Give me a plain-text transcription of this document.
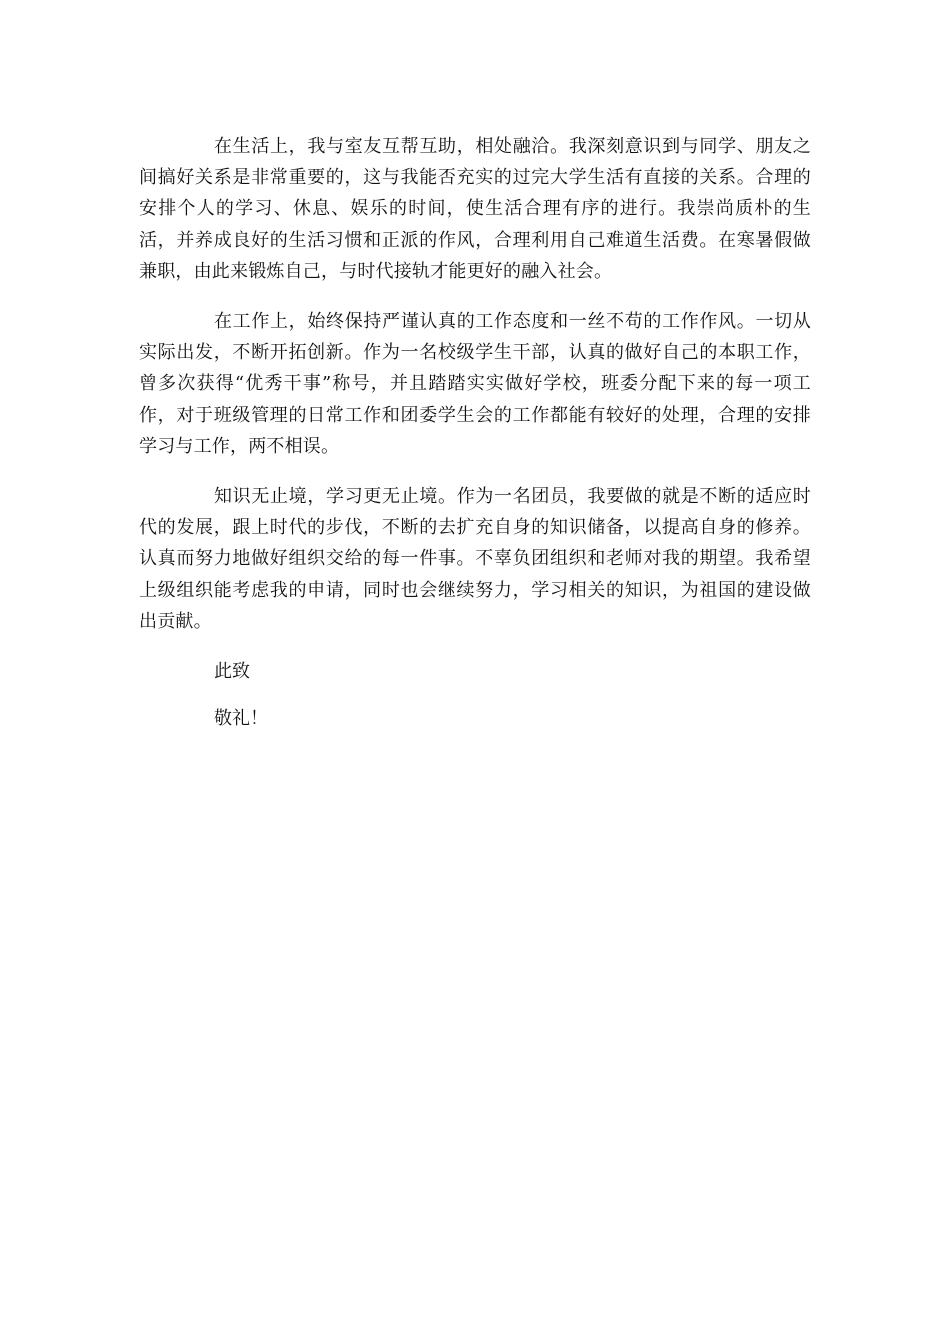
在生活上，我与室友互帮互助，相处融洽。我深刻意识到与同学、朋友之间搞好关系是非常重要的，这与我能否充实的过完大学生活有直接的关系。合理的安排个人的学习、休息、娱乐的时间，使生活合理有序的进行。我崇尚质朴的生活，并养成良好的生活习惯和正派的作风，合理利用自己难道生活费。在寒暑假做兼职，由此来锻炼自己，与时代接轨才能更好的融入社会。

在工作上，始终保持严谨认真的工作态度和一丝不苟的工作作风。一切从实际出发，不断开拓创新。作为一名校级学生干部，认真的做好自己的本职工作，曾多次获得“优秀干事”称号，并且踏踏实实做好学校，班委分配下来的每一项工作，对于班级管理的日常工作和团委学生会的工作都能有较好的处理，合理的安排学习与工作，两不相误。

知识无止境，学习更无止境。作为一名团员，我要做的就是不断的适应时代的发展，跟上时代的步伐，不断的去扩充自身的知识储备，以提高自身的修养。认真而努力地做好组织交给的每一件事。不辜负团组织和老师对我的期望。我希望上级组织能考虑我的申请，同时也会继续努力，学习相关的知识，为祖国的建设做出贡献。

此致

敬礼！
